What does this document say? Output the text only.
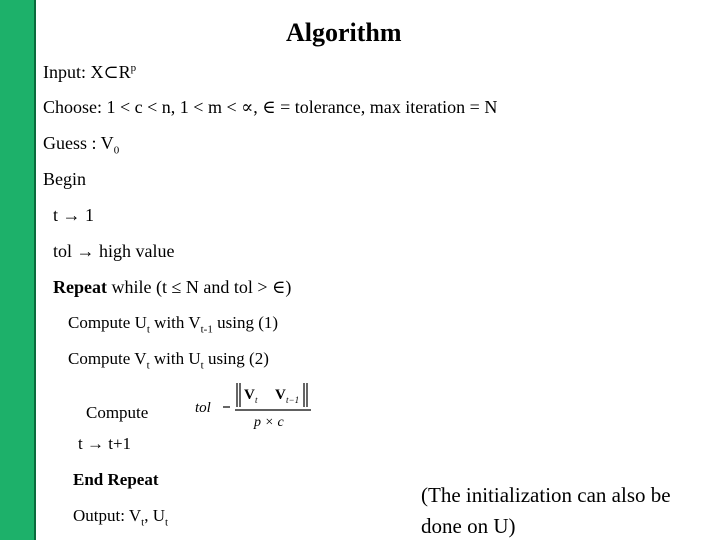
Algorithm
Input: $X\subset R^p$
Choose: 1 < c < n, 1 < m < ∝, ∈ = tolerance, max iteration = N
Guess : $V_0$
Begin
t → 1
tol → high value
Repeat while (t ≤ N and tol > ∈)
Compute $U_t$ with $V_{t-1}$ using (1)
Compute $V_t$ with $U_t$ using (2)
Compute	tol
V t V t−1
p × c
t → t+1
End Repeat
Output: $V_t$, $U_t$
(The initialization can also be
done on U)
